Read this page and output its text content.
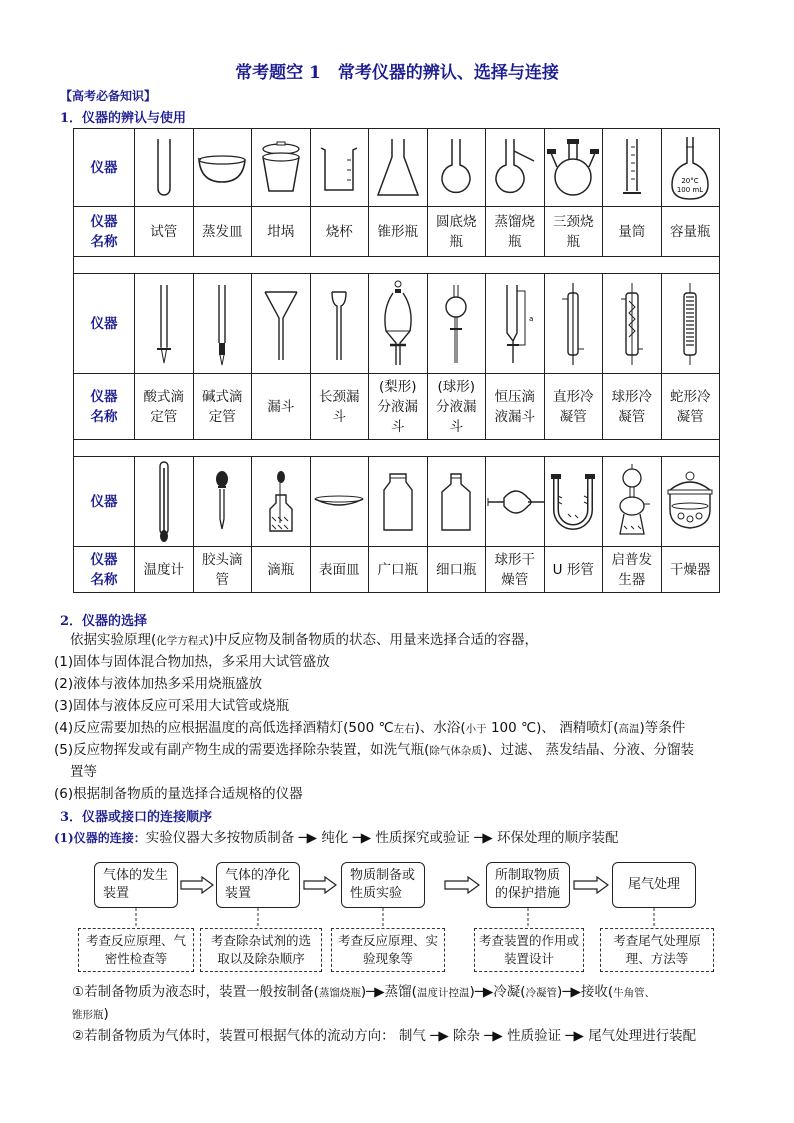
常考题空 1　常考仪器的辨认、选择与连接
【高考必备知识】
1．仪器的辨认与使用
仪器										20°C
100 mL

仪器
名称	试管	蒸发皿	坩埚	烧杯	锥形瓶	圆底烧瓶	蒸馏烧瓶	三颈烧瓶	量筒	容量瓶

仪器							a

仪器
名称	酸式滴定管	碱式滴定管	漏斗	长颈漏斗	(梨形)分液漏斗	(球形)分液漏斗	恒压滴液漏斗	直形冷凝管	球形冷凝管	蛇形冷凝管

仪器	

仪器
名称	温度计	胶头滴管	滴瓶	表面皿	广口瓶	细口瓶	球形干燥管	U 形管	启普发生器	干燥器
2．仪器的选择
依据实验原理(化学方程式)中反应物及制备物质的状态、用量来选择合适的容器，
(1)固体与固体混合物加热，多采用大试管盛放
(2)液体与液体加热多采用烧瓶盛放
(3)固体与液体反应可采用大试管或烧瓶
(4)反应需要加热的应根据温度的高低选择酒精灯(500 ℃左右)、水浴(小于 100 ℃)、 酒精喷灯(高温)等条件
(5)反应物挥发或有副产物生成的需要选择除杂装置，如洗气瓶(除气体杂质)、过滤、 蒸发结晶、分液、分馏装
置等
(6)根据制备物质的量选择合适规格的仪器
3．仪器或接口的连接顺序
(1)仪器的连接：实验仪器大多按物质制备 ─▶ 纯化 ─▶ 性质探究或验证 ─▶ 环保处理的顺序装配
气体的发生装置
气体的净化装置
物质制备或性质实验
所制取物质的保护措施
尾气处理
考查反应原理、气密性检查等
考查除杂试剂的选取以及除杂顺序
考查反应原理、实验现象等
考查装置的作用或装置设计
考查尾气处理原理、方法等
①若制备物质为液态时，装置一般按制备(蒸馏烧瓶)─▶蒸馏(温度计控温)─▶冷凝(冷凝管)─▶接收(牛角管、
锥形瓶)
②若制备物质为气体时，装置可根据气体的流动方向： 制气 ─▶ 除杂 ─▶ 性质验证 ─▶ 尾气处理进行装配
